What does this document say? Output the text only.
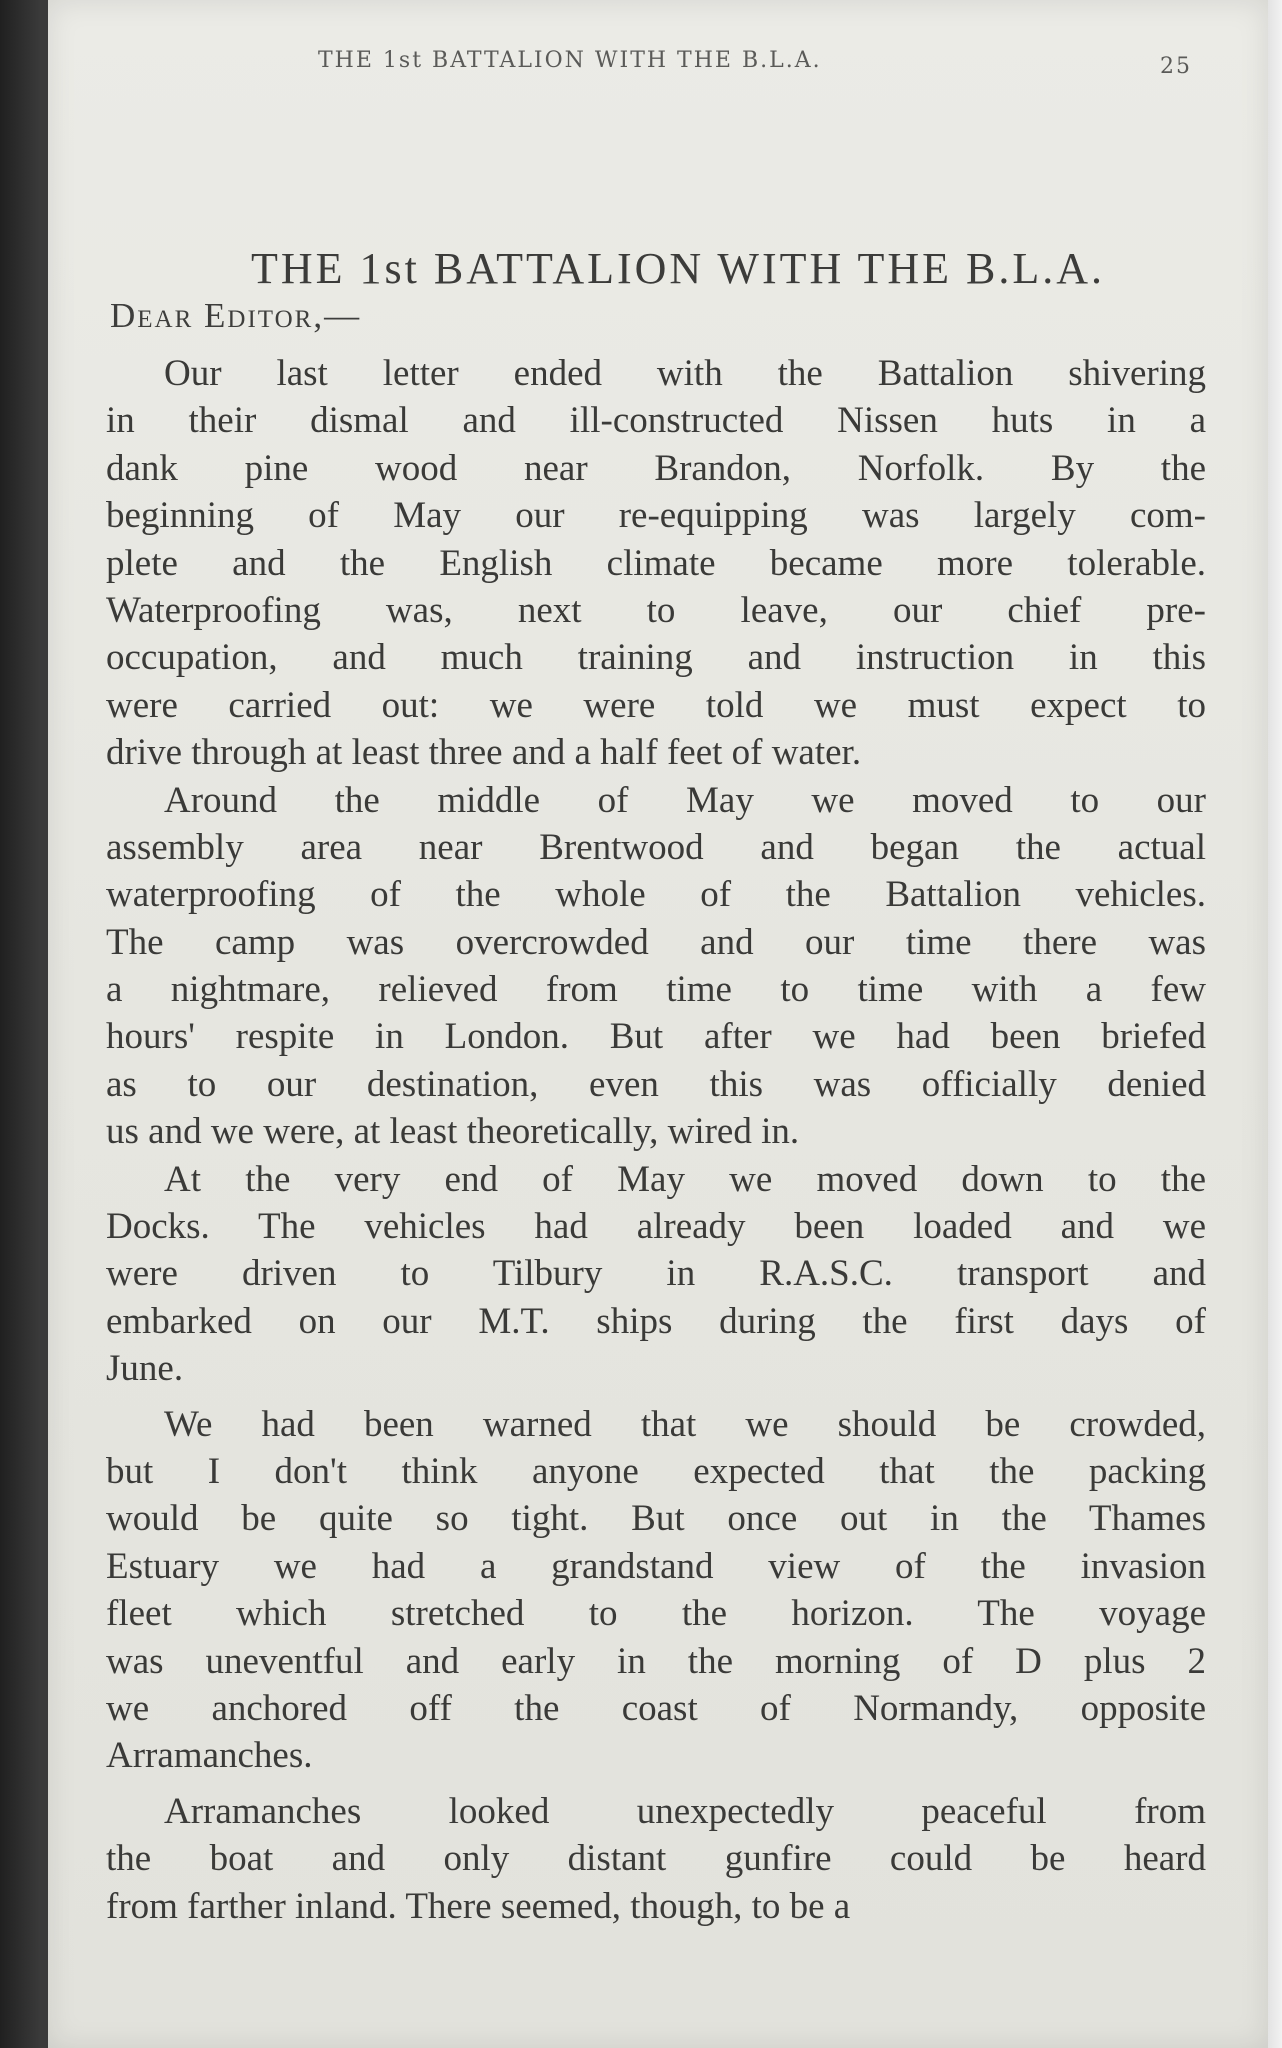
THE 1st BATTALION WITH THE B.L.A.	25
THE 1st BATTALION WITH THE B.L.A.
Dear Editor,—
Our last letter ended with the Battalion shivering
in their dismal and ill-constructed Nissen huts in a
dank pine wood near Brandon, Norfolk. By the
beginning of May our re-equipping was largely com-
plete and the English climate became more tolerable.
Waterproofing was, next to leave, our chief pre-
occupation, and much training and instruction in this
were carried out: we were told we must expect to
drive through at least three and a half feet of water.
Around the middle of May we moved to our
assembly area near Brentwood and began the actual
waterproofing of the whole of the Battalion vehicles.
The camp was overcrowded and our time there was
a nightmare, relieved from time to time with a few
hours' respite in London. But after we had been briefed
as to our destination, even this was officially denied
us and we were, at least theoretically, wired in.
At the very end of May we moved down to the
Docks. The vehicles had already been loaded and we
were driven to Tilbury in R.A.S.C. transport and
embarked on our M.T. ships during the first days of
June.
We had been warned that we should be crowded,
but I don't think anyone expected that the packing
would be quite so tight. But once out in the Thames
Estuary we had a grandstand view of the invasion
fleet which stretched to the horizon. The voyage
was uneventful and early in the morning of D plus 2
we anchored off the coast of Normandy, opposite
Arramanches.
Arramanches looked unexpectedly peaceful from
the boat and only distant gunfire could be heard
from farther inland. There seemed, though, to be a
